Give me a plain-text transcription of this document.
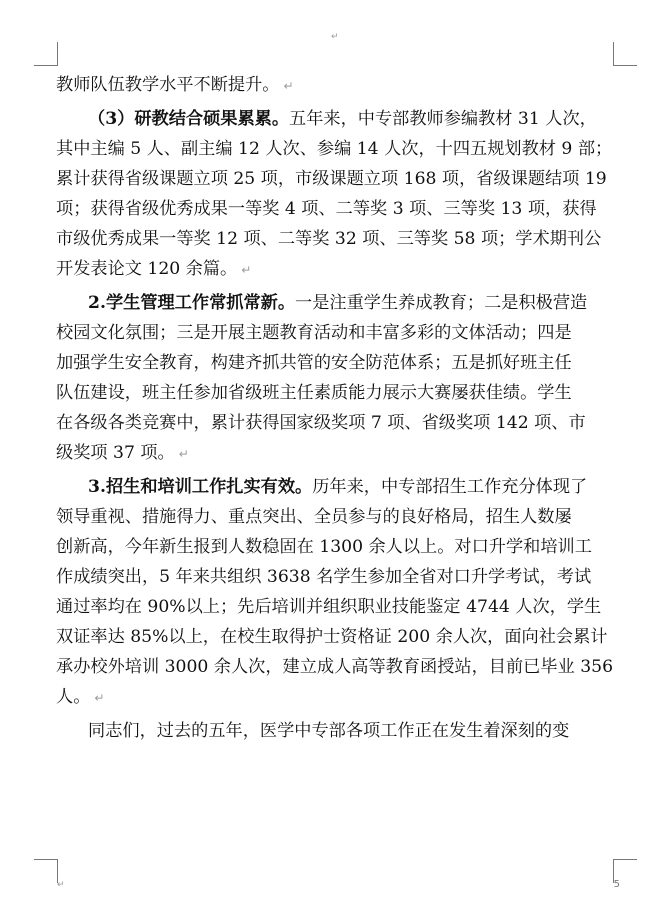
↵
教师队伍教学水平不断提升。 ↵
（3）研教结合硕果累累。五年来，中专部教师参编教材 31 人次，
其中主编 5 人、副主编 12 人次、参编 14 人次，十四五规划教材 9 部；
累计获得省级课题立项 25 项，市级课题立项 168 项，省级课题结项 19
项；获得省级优秀成果一等奖 4 项、二等奖 3 项、三等奖 13 项，获得
市级优秀成果一等奖 12 项、二等奖 32 项、三等奖 58 项；学术期刊公
开发表论文 120 余篇。 ↵
2.学生管理工作常抓常新。一是注重学生养成教育；二是积极营造
校园文化氛围；三是开展主题教育活动和丰富多彩的文体活动；四是
加强学生安全教育，构建齐抓共管的安全防范体系；五是抓好班主任
队伍建设，班主任参加省级班主任素质能力展示大赛屡获佳绩。学生
在各级各类竞赛中，累计获得国家级奖项 7 项、省级奖项 142 项、市
级奖项 37 项。 ↵
3.招生和培训工作扎实有效。历年来，中专部招生工作充分体现了
领导重视、措施得力、重点突出、全员参与的良好格局，招生人数屡
创新高，今年新生报到人数稳固在 1300 余人以上。对口升学和培训工
作成绩突出，5 年来共组织 3638 名学生参加全省对口升学考试，考试
通过率均在 90%以上；先后培训并组织职业技能鉴定 4744 人次，学生
双证率达 85%以上，在校生取得护士资格证 200 余人次，面向社会累计
承办校外培训 3000 余人次，建立成人高等教育函授站，目前已毕业 356
人。 ↵
同志们，过去的五年，医学中专部各项工作正在发生着深刻的变
↵	5
